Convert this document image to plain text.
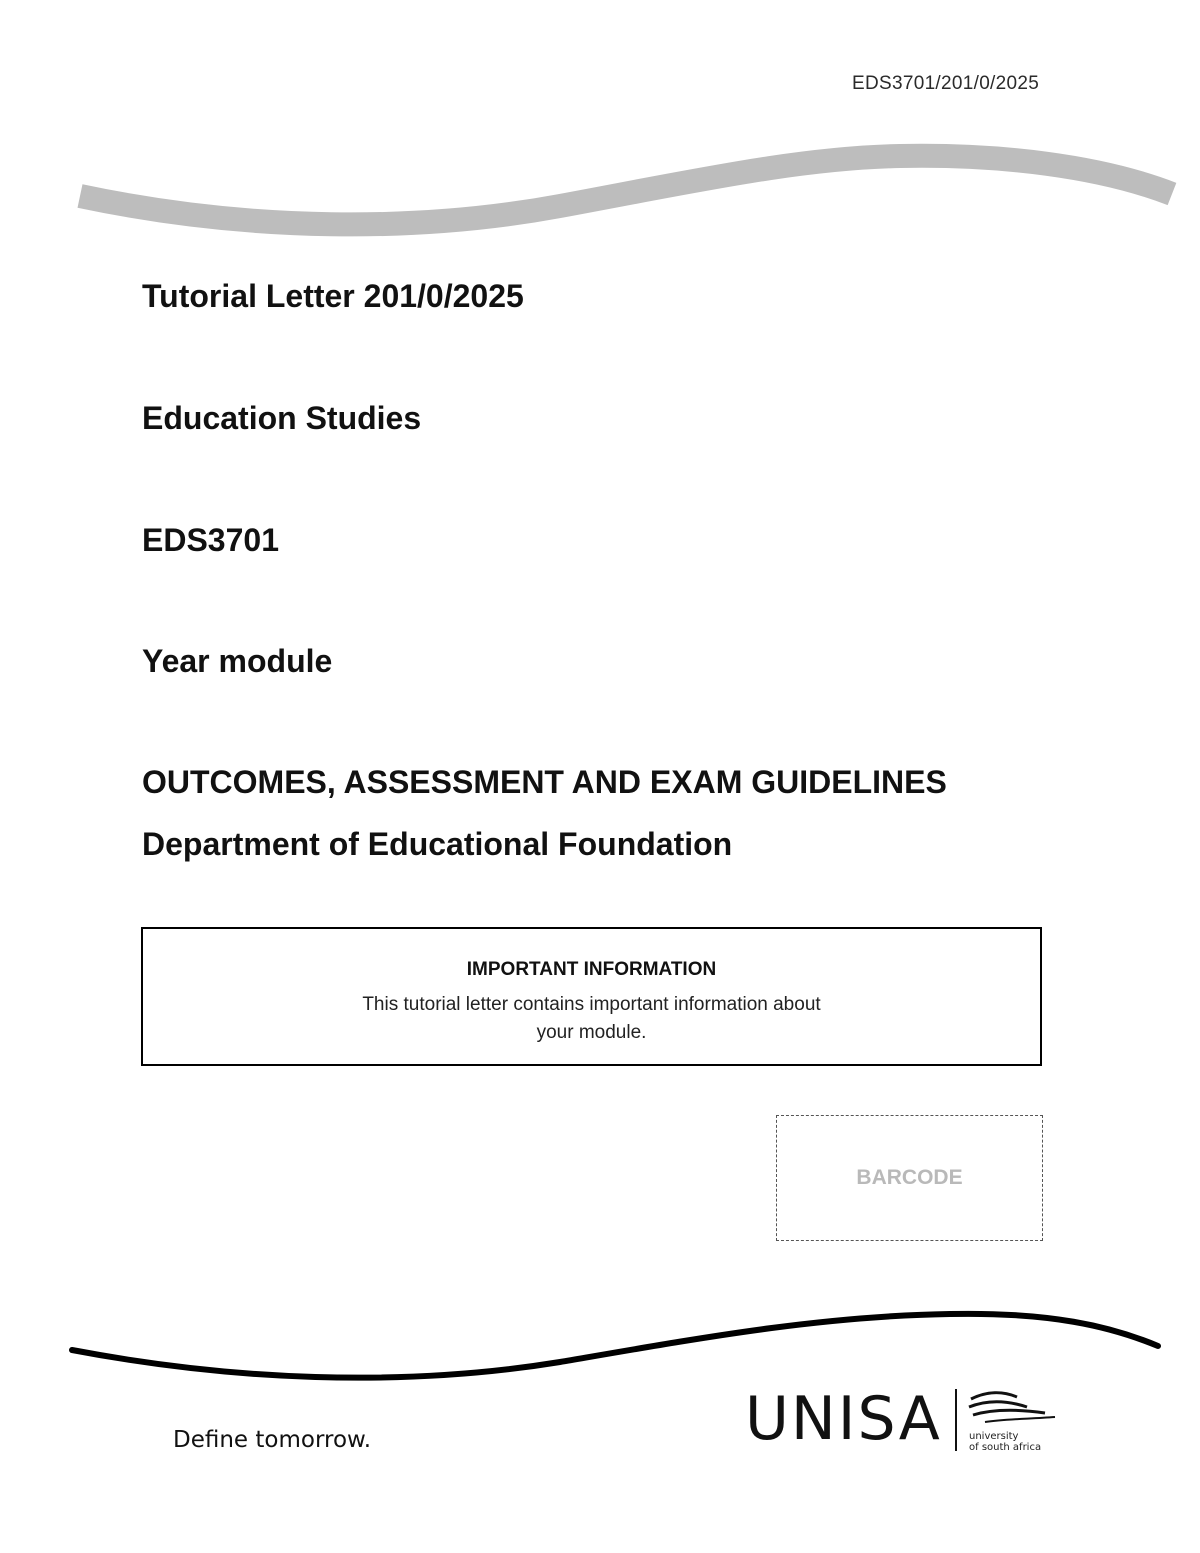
EDS3701/201/0/2025
Tutorial Letter 201/0/2025
Education Studies
EDS3701
Year module
OUTCOMES, ASSESSMENT AND EXAM GUIDELINES
Department of Educational Foundation
IMPORTANT INFORMATION
This tutorial letter contains important information about your module.
BARCODE
Define tomorrow.	UNISA	university
of south africa
